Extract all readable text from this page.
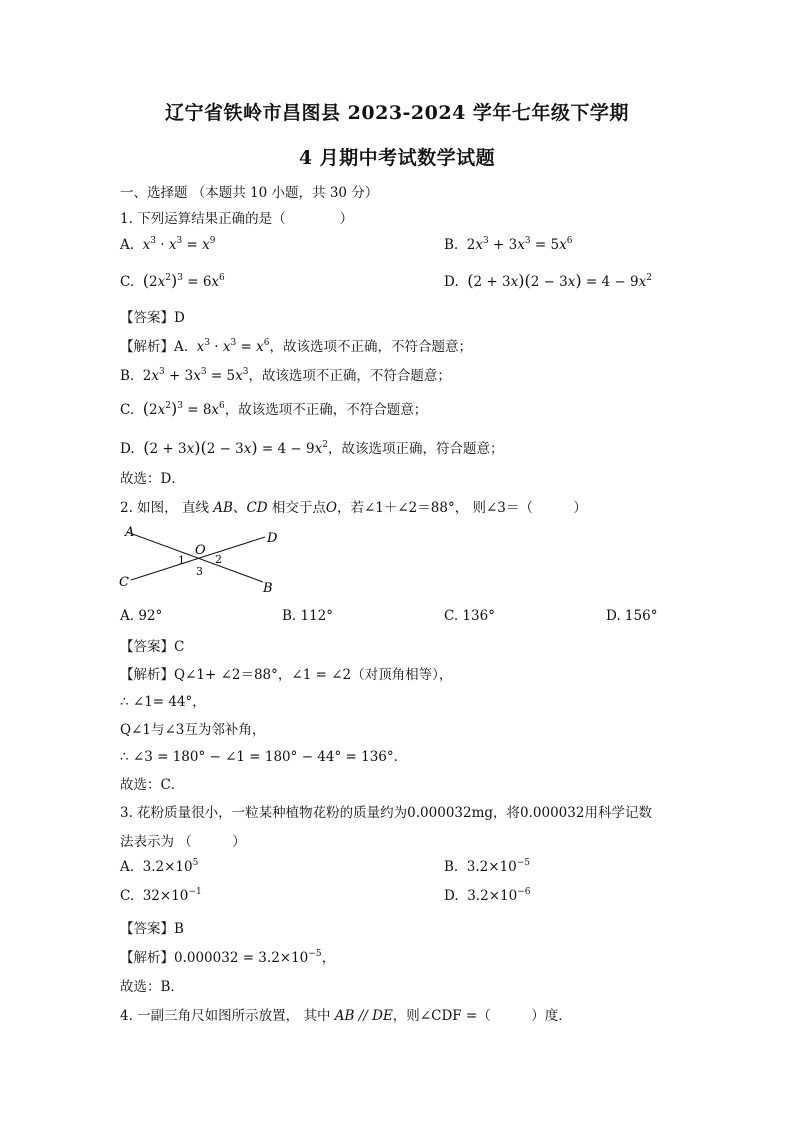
辽宁省铁岭市昌图县 2023-2024 学年七年级下学期
4 月期中考试数学试题
一、选择题 （本题共 10 小题，共 30 分）
1. 下列运算结果正确的是（　　　　）
A. $x^3 \cdot x^3 = x^9$	B.  $2x^3 + 3x^3 = 5x^6$
C. $(2x^2)^3 = 6x^6$	D. $(2 + 3x)(2 - 3x) = 4 - 9x^2$
【答案】D
【解析】A. $x^3 \cdot x^3 = x^6$，故该选项不正确，不符合题意；
B.  $2x^3 + 3x^3 = 5x^3$，故该选项不正确，不符合题意；
C. $(2x^2)^3 = 8x^6$，故该选项不正确，不符合题意；
D. $(2 + 3x)(2 - 3x) = 4 - 9x^2$，故该选项正确，符合题意；
故选：D．
2. 如图， 直线 AB、CD 相交于点O，若∠1＋∠2＝88°， 则∠3＝（　　　）
A	D
C	B
O
1	2
3
A. 92°	B. 112°	C. 136°	D. 156°
【答案】C
【解析】Q∠1+ ∠2＝88°，∠1 = ∠2（对顶角相等），
∴ ∠1= 44°，
Q∠1与∠3互为邻补角，
∴ ∠3 = 180° − ∠1 = 180° − 44° = 136°．
故选：C．
3. 花粉质量很小，一粒某种植物花粉的质量约为0.000032mg，将0.000032用科学记数
法表示为 （　　　）
A.  $3.2\times 10^5$	B.  $3.2\times 10^{-5}$
C.  $32\times 10^{-1}$	D.  $3.2\times 10^{-6}$
【答案】B
【解析】$0.000032 = 3.2\times 10^{-5}$，
故选：B．
4. 一副三角尺如图所示放置， 其中 AB // DE，则∠CDF =（　　　）度．
